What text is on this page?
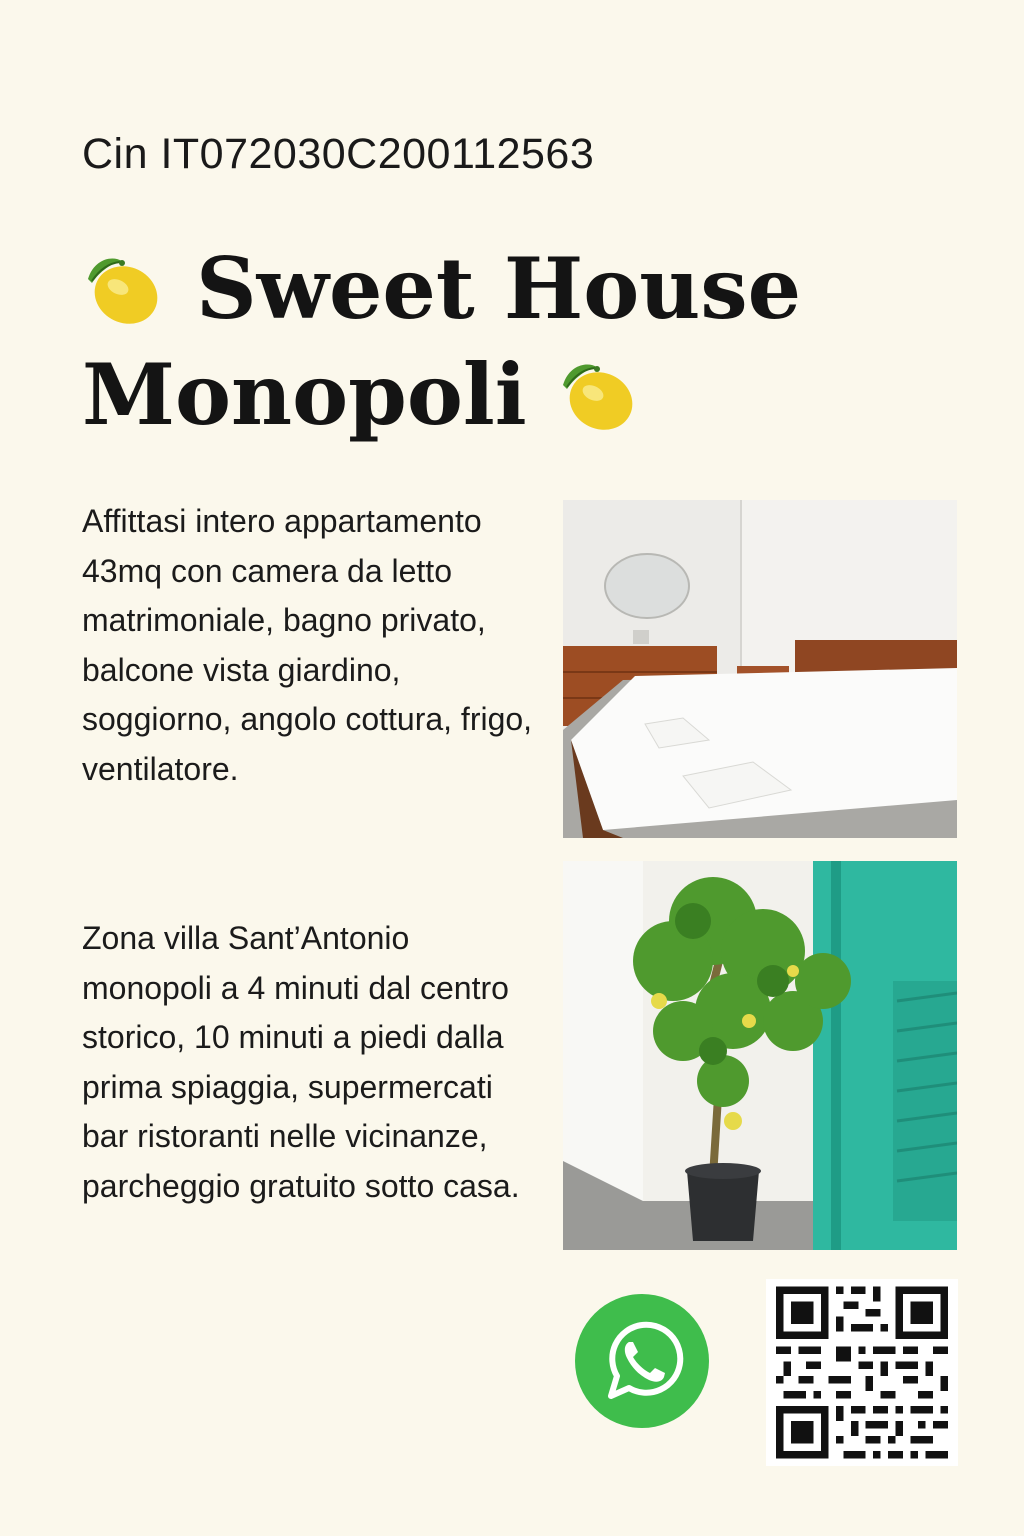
Cin IT072030C200112563
Sweet House
Monopoli
Affittasi intero appartamento 43mq con camera da letto matrimoniale, bagno privato, balcone vista giardino, soggiorno, angolo cottura, frigo, ventilatore.
Zona villa Sant’Antonio monopoli a 4 minuti dal centro storico, 10 minuti a piedi dalla prima spiaggia, supermercati bar ristoranti nelle vicinanze, parcheggio gratuito sotto casa.
